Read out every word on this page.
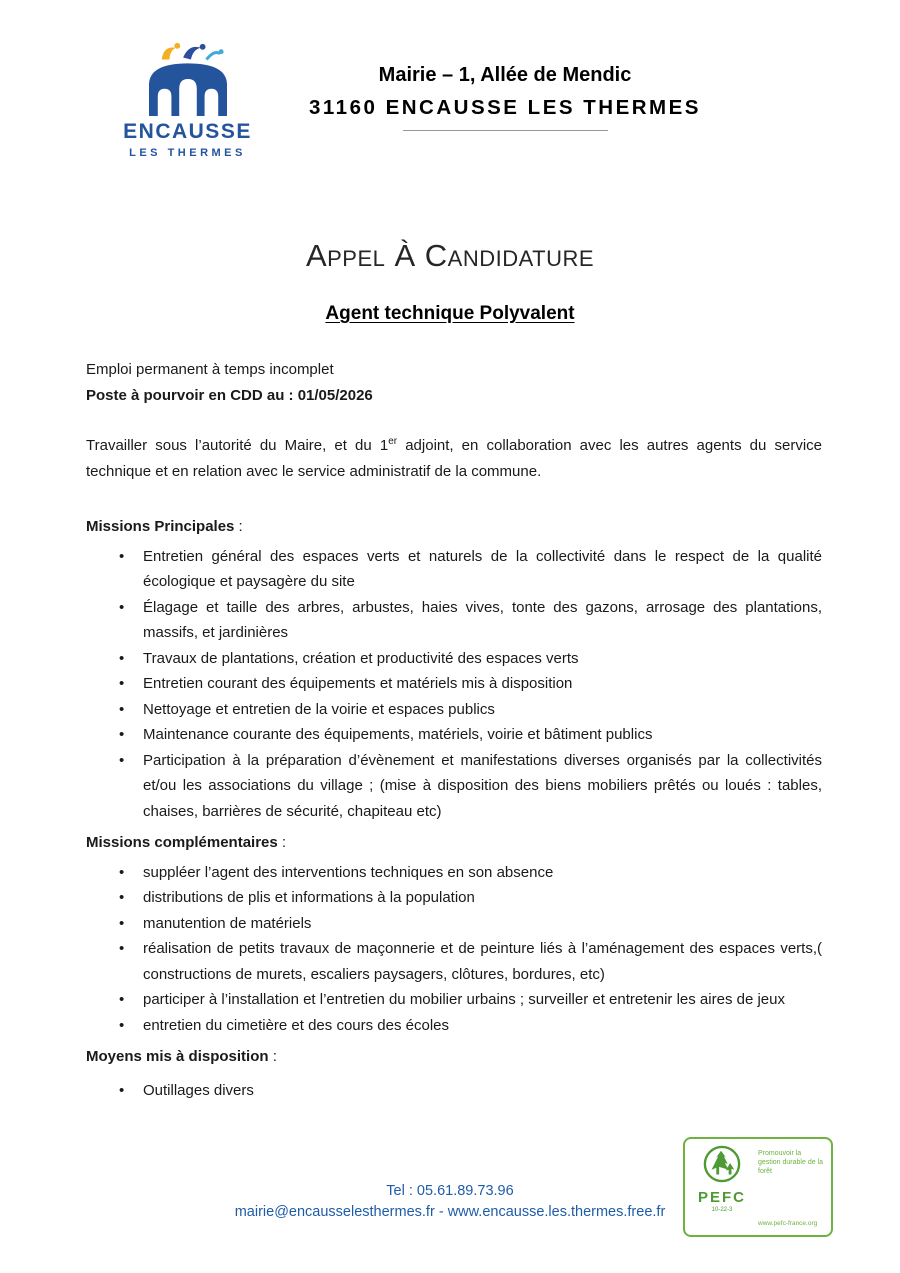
ENCAUSSE
LES THERMES
Mairie – 1, Allée de Mendic
31160 ENCAUSSE LES THERMES
Appel À Candidature
Agent technique Polyvalent

Emploi permanent à temps incomplet

Poste à pourvoir en CDD au : 01/05/2026

Travailler sous l’autorité du Maire, et du 1er adjoint, en collaboration avec les autres agents du service technique et en relation avec le service administratif de la commune.

Missions Principales :

• Entretien général des espaces verts et naturels de la collectivité dans le respect de la qualité écologique et paysagère du site
• Élagage et taille des arbres, arbustes, haies vives, tonte des gazons, arrosage des plantations, massifs, et jardinières
• Travaux de plantations, création et productivité des espaces verts
• Entretien courant des équipements et matériels mis à disposition
• Nettoyage et entretien de la voirie et espaces publics
• Maintenance courante des équipements, matériels, voirie et bâtiment publics
• Participation à la préparation d’évènement et manifestations diverses organisés par la collectivités et/ou les associations du village ; (mise à disposition des biens mobiliers prêtés ou loués : tables, chaises, barrières de sécurité, chapiteau etc)

Missions complémentaires :

• suppléer l’agent des interventions techniques en son absence
• distributions de plis et informations à la population
• manutention de matériels
• réalisation de petits travaux de maçonnerie et de peinture liés à l’aménagement des espaces verts,( constructions de murets, escaliers paysagers, clôtures, bordures, etc)
• participer à l’installation et l’entretien du mobilier urbains ; surveiller et entretenir les aires de jeux
• entretien du cimetière et des cours des écoles

Moyens mis à disposition :

• Outillages divers
Tel : 05.61.89.73.96
mairie@encausselesthermes.fr - www.encausse.les.thermes.free.fr
PEFC
10-22-3
Promouvoir la gestion durable de la forêt
www.pefc-france.org
